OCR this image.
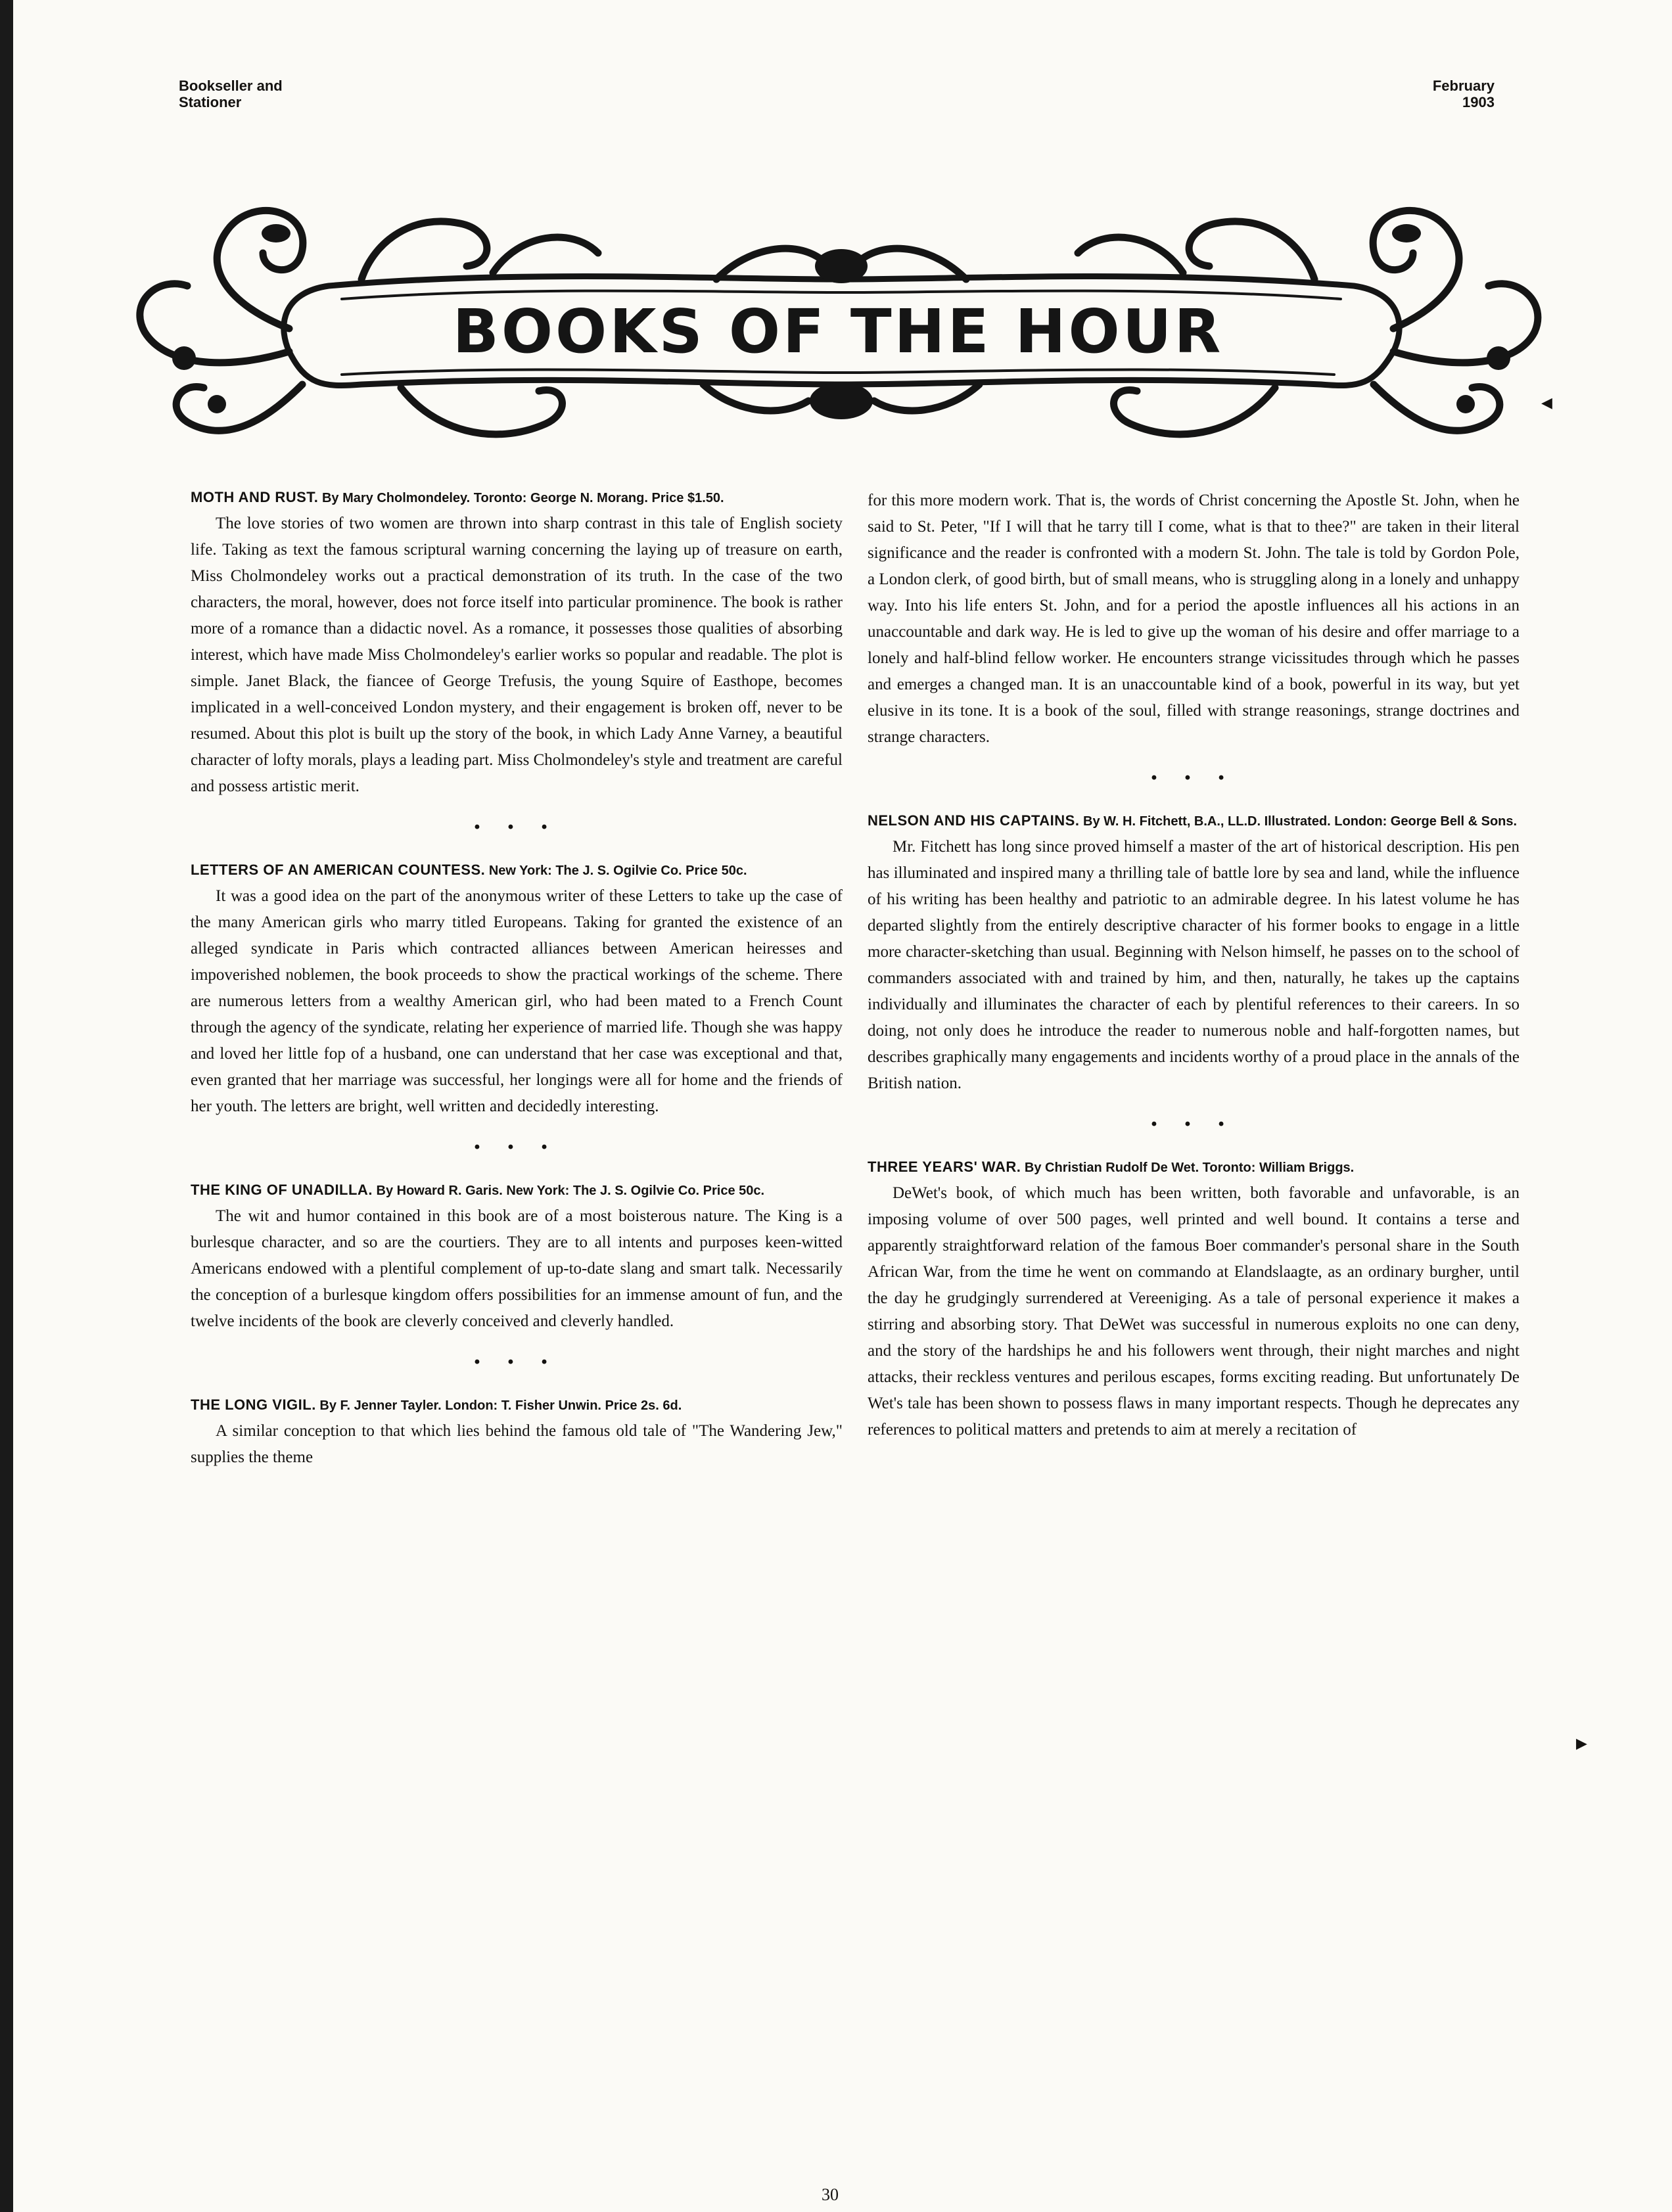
Bookseller and
Stationer
February
1903
BOOKS OF THE HOUR

MOTH AND RUST. By Mary Cholmondeley. Toronto: George N. Morang. Price $1.50.

The love stories of two women are thrown into sharp contrast in this tale of English society life. Taking as text the famous scriptural warning concerning the laying up of treasure on earth, Miss Cholmondeley works out a practical demonstration of its truth. In the case of the two characters, the moral, however, does not force itself into particular prominence. The book is rather more of a romance than a didactic novel. As a romance, it possesses those qualities of absorbing interest, which have made Miss Cholmondeley's earlier works so popular and readable. The plot is simple. Janet Black, the fiancee of George Trefusis, the young Squire of Easthope, becomes implicated in a well-conceived London mystery, and their engagement is broken off, never to be resumed. About this plot is built up the story of the book, in which Lady Anne Varney, a beautiful character of lofty morals, plays a leading part. Miss Cholmondeley's style and treatment are careful and possess artistic merit.

• • •

LETTERS OF AN AMERICAN COUNTESS. New York: The J. S. Ogilvie Co. Price 50c.

It was a good idea on the part of the anonymous writer of these Letters to take up the case of the many American girls who marry titled Europeans. Taking for granted the existence of an alleged syndicate in Paris which contracted alliances between American heiresses and impoverished noblemen, the book proceeds to show the practical workings of the scheme. There are numerous letters from a wealthy American girl, who had been mated to a French Count through the agency of the syndicate, relating her experience of married life. Though she was happy and loved her little fop of a husband, one can understand that her case was exceptional and that, even granted that her marriage was successful, her longings were all for home and the friends of her youth. The letters are bright, well written and decidedly interesting.

• • •

THE KING OF UNADILLA. By Howard R. Garis. New York: The J. S. Ogilvie Co. Price 50c.

The wit and humor contained in this book are of a most boisterous nature. The King is a burlesque character, and so are the courtiers. They are to all intents and purposes keen-witted Americans endowed with a plentiful complement of up-to-date slang and smart talk. Necessarily the conception of a burlesque kingdom offers possibilities for an immense amount of fun, and the twelve incidents of the book are cleverly conceived and cleverly handled.

• • •

THE LONG VIGIL. By F. Jenner Tayler. London: T. Fisher Unwin. Price 2s. 6d.

A similar conception to that which lies behind the famous old tale of "The Wandering Jew," supplies the theme

for this more modern work. That is, the words of Christ concerning the Apostle St. John, when he said to St. Peter, "If I will that he tarry till I come, what is that to thee?" are taken in their literal significance and the reader is confronted with a modern St. John. The tale is told by Gordon Pole, a London clerk, of good birth, but of small means, who is struggling along in a lonely and unhappy way. Into his life enters St. John, and for a period the apostle influences all his actions in an unaccountable and dark way. He is led to give up the woman of his desire and offer marriage to a lonely and half-blind fellow worker. He encounters strange vicissitudes through which he passes and emerges a changed man. It is an unaccountable kind of a book, powerful in its way, but yet elusive in its tone. It is a book of the soul, filled with strange reasonings, strange doctrines and strange characters.

• • •

NELSON AND HIS CAPTAINS. By W. H. Fitchett, B.A., LL.D. Illustrated. London: George Bell & Sons.

Mr. Fitchett has long since proved himself a master of the art of historical description. His pen has illuminated and inspired many a thrilling tale of battle lore by sea and land, while the influence of his writing has been healthy and patriotic to an admirable degree. In his latest volume he has departed slightly from the entirely descriptive character of his former books to engage in a little more character-sketching than usual. Beginning with Nelson himself, he passes on to the school of commanders associated with and trained by him, and then, naturally, he takes up the captains individually and illuminates the character of each by plentiful references to their careers. In so doing, not only does he introduce the reader to numerous noble and half-forgotten names, but describes graphically many engagements and incidents worthy of a proud place in the annals of the British nation.

• • •

THREE YEARS' WAR. By Christian Rudolf De Wet. Toronto: William Briggs.

DeWet's book, of which much has been written, both favorable and unfavorable, is an imposing volume of over 500 pages, well printed and well bound. It contains a terse and apparently straightforward relation of the famous Boer commander's personal share in the South African War, from the time he went on commando at Elandslaagte, as an ordinary burgher, until the day he grudgingly surrendered at Vereeniging. As a tale of personal experience it makes a stirring and absorbing story. That DeWet was successful in numerous exploits no one can deny, and the story of the hardships he and his followers went through, their night marches and night attacks, their reckless ventures and perilous escapes, forms exciting reading. But unfortunately De Wet's tale has been shown to possess flaws in many important respects. Though he deprecates any references to political matters and pretends to aim at merely a recitation of

30
◀
▶
